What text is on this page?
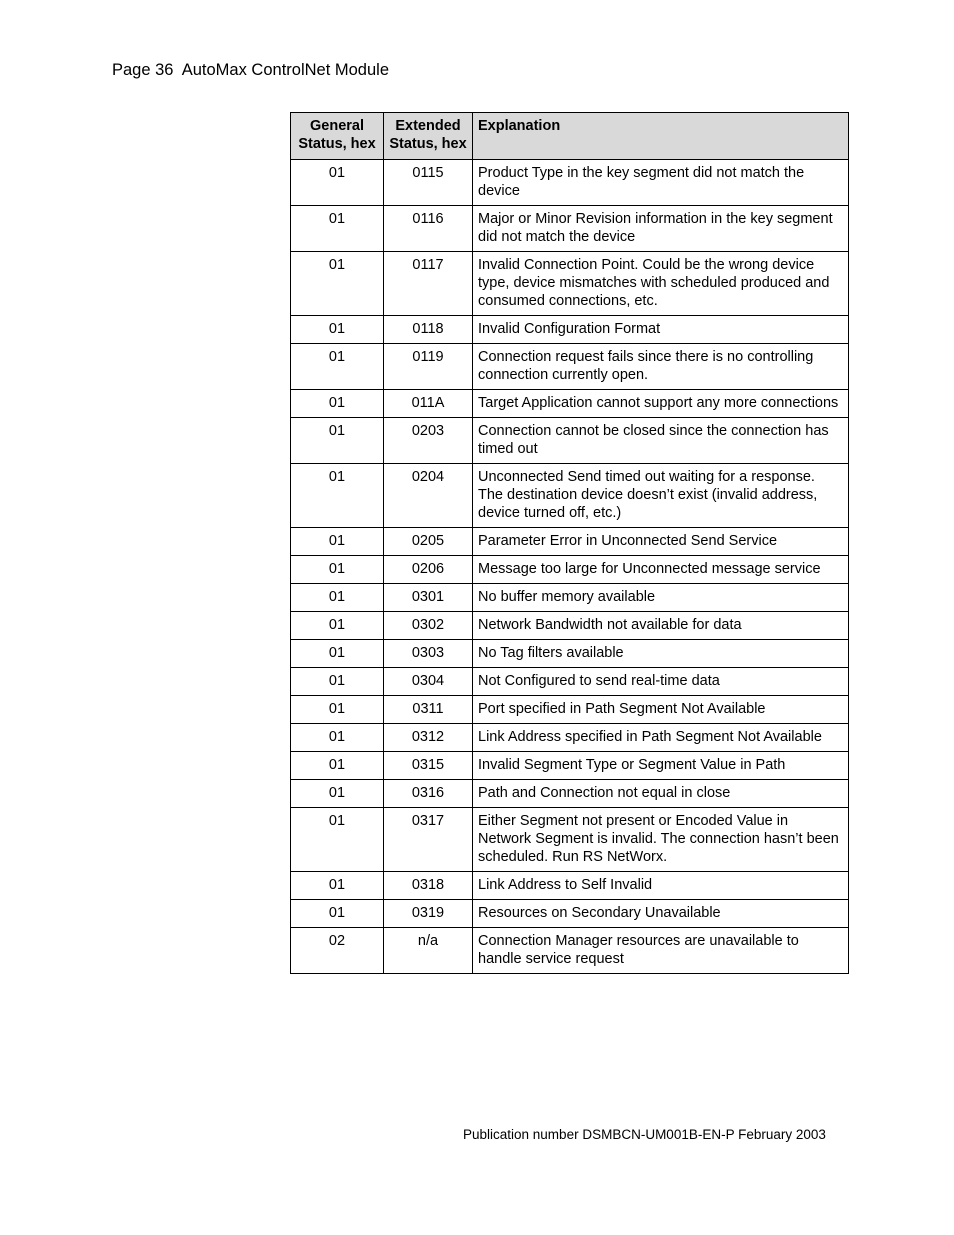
Page 36  AutoMax ControlNet Module
General Status, hex	Extended Status, hex	Explanation
01	0115	Product Type in the key segment did not match the device
01	0116	Major or Minor Revision information in the key segment did not match the device
01	0117	Invalid Connection Point. Could be the wrong device type, device mismatches with scheduled produced and consumed connections, etc.
01	0118	Invalid Configuration Format
01	0119	Connection request fails since there is no controlling connection currently open.
01	011A	Target Application cannot support any more connections
01	0203	Connection cannot be closed since the connection has timed out
01	0204	Unconnected Send timed out waiting for a response. The destination device doesn’t exist (invalid address, device turned off, etc.)
01	0205	Parameter Error in Unconnected Send Service
01	0206	Message too large for Unconnected message service
01	0301	No buffer memory available
01	0302	Network Bandwidth not available for data
01	0303	No Tag filters available
01	0304	Not Configured to send real-time data
01	0311	Port specified in Path Segment Not Available
01	0312	Link Address specified in Path Segment Not Available
01	0315	Invalid Segment Type or Segment Value in Path
01	0316	Path and Connection not equal in close
01	0317	Either Segment not present or Encoded Value in Network Segment is invalid. The connection hasn’t been scheduled. Run RS NetWorx.
01	0318	Link Address to Self Invalid
01	0319	Resources on Secondary Unavailable
02	n/a	Connection Manager resources are unavailable to handle service request
Publication number DSMBCN-UM001B-EN-P February 2003
